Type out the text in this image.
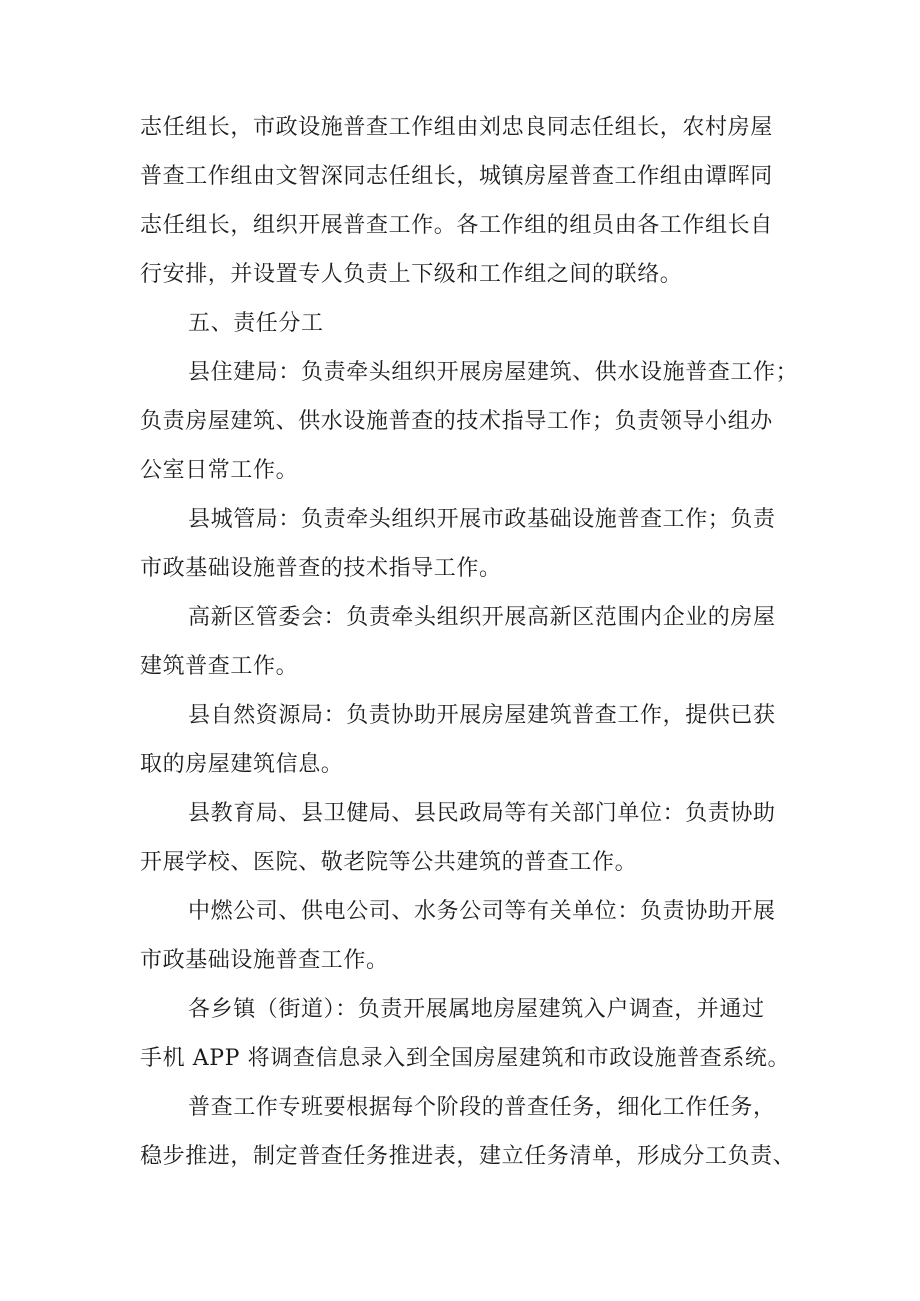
志任组长，市政设施普查工作组由刘忠良同志任组长，农村房屋
普查工作组由文智深同志任组长，城镇房屋普查工作组由谭晖同
志任组长，组织开展普查工作。各工作组的组员由各工作组长自
行安排，并设置专人负责上下级和工作组之间的联络。
五、责任分工
县住建局：负责牵头组织开展房屋建筑、供水设施普查工作；
负责房屋建筑、供水设施普查的技术指导工作；负责领导小组办
公室日常工作。
县城管局：负责牵头组织开展市政基础设施普查工作；负责
市政基础设施普查的技术指导工作。
高新区管委会：负责牵头组织开展高新区范围内企业的房屋
建筑普查工作。
县自然资源局：负责协助开展房屋建筑普查工作，提供已获
取的房屋建筑信息。
县教育局、县卫健局、县民政局等有关部门单位：负责协助
开展学校、医院、敬老院等公共建筑的普查工作。
中燃公司、供电公司、水务公司等有关单位：负责协助开展
市政基础设施普查工作。
各乡镇（街道）：负责开展属地房屋建筑入户调查，并通过
手机 APP 将调查信息录入到全国房屋建筑和市政设施普查系统。
普查工作专班要根据每个阶段的普查任务，细化工作任务，
稳步推进，制定普查任务推进表，建立任务清单，形成分工负责、
